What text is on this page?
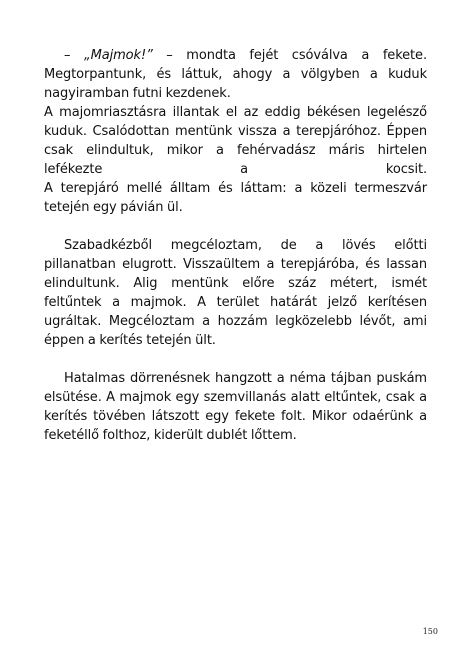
– „Majmok!” – mondta fejét csóválva a fekete.
Megtorpantunk, és láttuk, ahogy a völgyben a kuduk
nagyiramban futni kezdenek.

A majomriasztásra illantak el az eddig békésen legelésző
kuduk. Csalódottan mentünk vissza a terepjáróhoz. Éppen
csak elindultuk, mikor a fehérvadász máris hirtelen
lefékezte a kocsit.

A terepjáró mellé álltam és láttam: a közeli termeszvár
tetején egy pávián ül.

Szabadkézből megcéloztam, de a lövés előtti
pillanatban elugrott. Visszaültem a terepjáróba, és lassan
elindultunk. Alig mentünk előre száz métert, ismét
feltűntek a majmok. A terület határát jelző kerítésen
ugráltak. Megcéloztam a hozzám legközelebb lévőt, ami
éppen a kerítés tetején ült.

Hatalmas dörrenésnek hangzott a néma tájban puskám
elsütése. A majmok egy szemvillanás alatt eltűntek, csak a
kerítés tövében látszott egy fekete folt. Mikor odaérünk a
feketéllő folthoz, kiderült dublét lőttem.

150
